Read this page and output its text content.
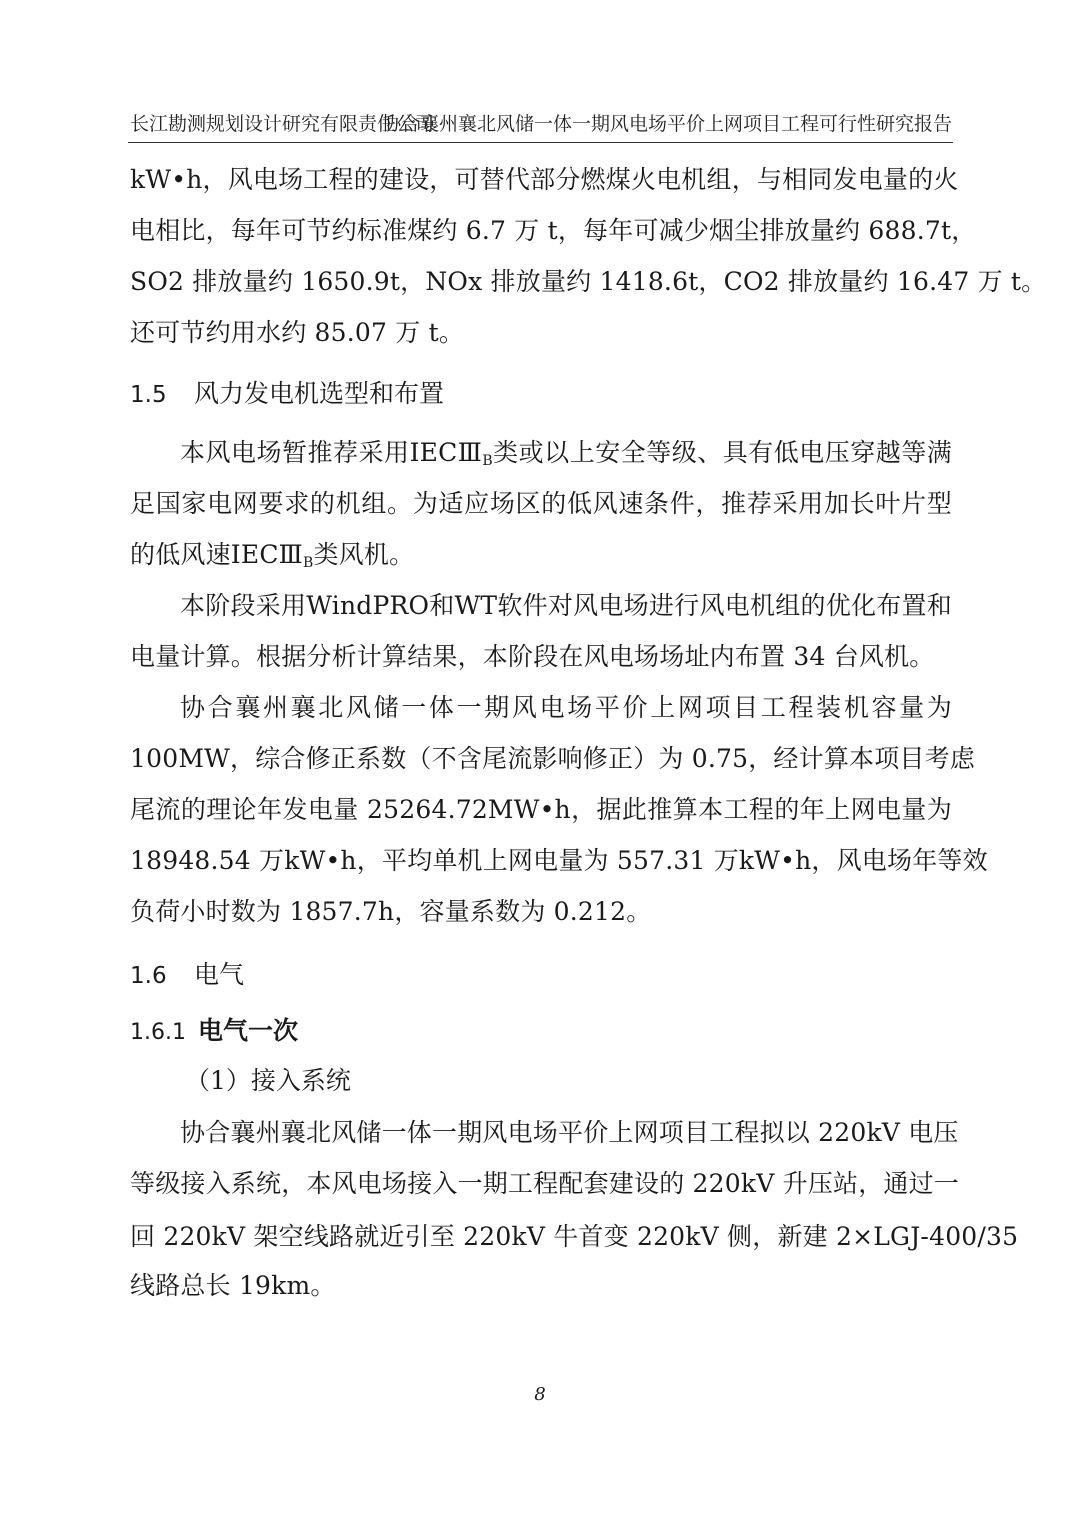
长江勘测规划设计研究有限责任公司
协合襄州襄北风储一体一期风电场平价上网项目工程可行性研究报告
kW•h，风电场工程的建设，可替代部分燃煤火电机组，与相同发电量的火
电相比，每年可节约标准煤约 6.7 万 t，每年可减少烟尘排放量约 688.7t，
SO2 排放量约 1650.9t，NOx 排放量约 1418.6t，CO2 排放量约 16.47 万 t。
还可节约用水约 85.07 万 t。
1.5 风力发电机选型和布置
本风电场暂推荐采用IECⅢB类或以上安全等级、具有低电压穿越等满
足国家电网要求的机组。为适应场区的低风速条件，推荐采用加长叶片型
的低风速IECⅢB类风机。
本阶段采用WindPRO和WT软件对风电场进行风电机组的优化布置和
电量计算。根据分析计算结果，本阶段在风电场场址内布置 34 台风机。
协合襄州襄北风储一体一期风电场平价上网项目工程装机容量为
100MW，综合修正系数（不含尾流影响修正）为 0.75，经计算本项目考虑
尾流的理论年发电量 25264.72MW•h，据此推算本工程的年上网电量为
18948.54 万kW•h，平均单机上网电量为 557.31 万kW•h，风电场年等效
负荷小时数为 1857.7h，容量系数为 0.212。
1.6 电气
1.6.1 电气一次
（1）接入系统
协合襄州襄北风储一体一期风电场平价上网项目工程拟以 220kV 电压
等级接入系统，本风电场接入一期工程配套建设的 220kV 升压站，通过一
回 220kV 架空线路就近引至 220kV 牛首变 220kV 侧，新建 2×LGJ-400/35
线路总长 19km。
8
